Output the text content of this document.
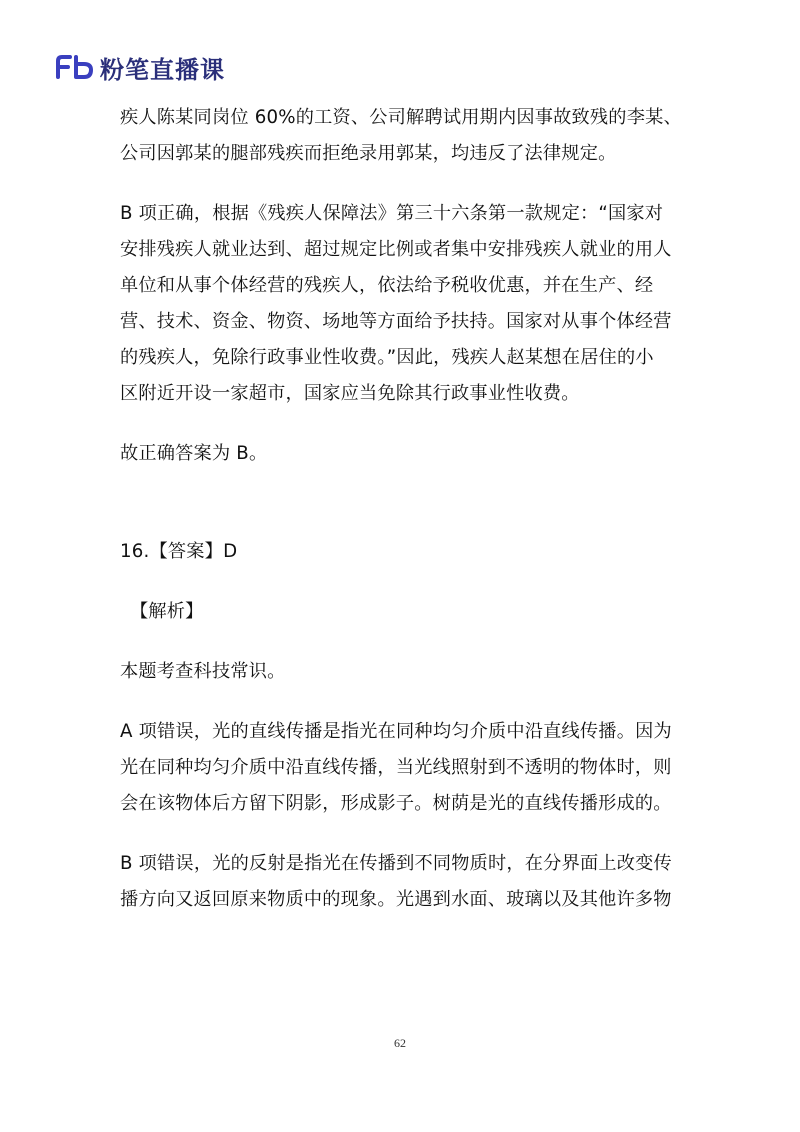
粉笔直播课
疾人陈某同岗位 60%的工资、公司解聘试用期内因事故致残的李某、
公司因郭某的腿部残疾而拒绝录用郭某，均违反了法律规定。
B 项正确，根据《残疾人保障法》第三十六条第一款规定：“国家对
安排残疾人就业达到、超过规定比例或者集中安排残疾人就业的用人
单位和从事个体经营的残疾人，依法给予税收优惠，并在生产、经
营、技术、资金、物资、场地等方面给予扶持。国家对从事个体经营
的残疾人，免除行政事业性收费。”因此，残疾人赵某想在居住的小
区附近开设一家超市，国家应当免除其行政事业性收费。
故正确答案为 B。
16.【答案】D
【解析】
本题考查科技常识。
A 项错误，光的直线传播是指光在同种均匀介质中沿直线传播。因为
光在同种均匀介质中沿直线传播，当光线照射到不透明的物体时，则
会在该物体后方留下阴影，形成影子。树荫是光的直线传播形成的。
B 项错误，光的反射是指光在传播到不同物质时，在分界面上改变传
播方向又返回原来物质中的现象。光遇到水面、玻璃以及其他许多物
62
